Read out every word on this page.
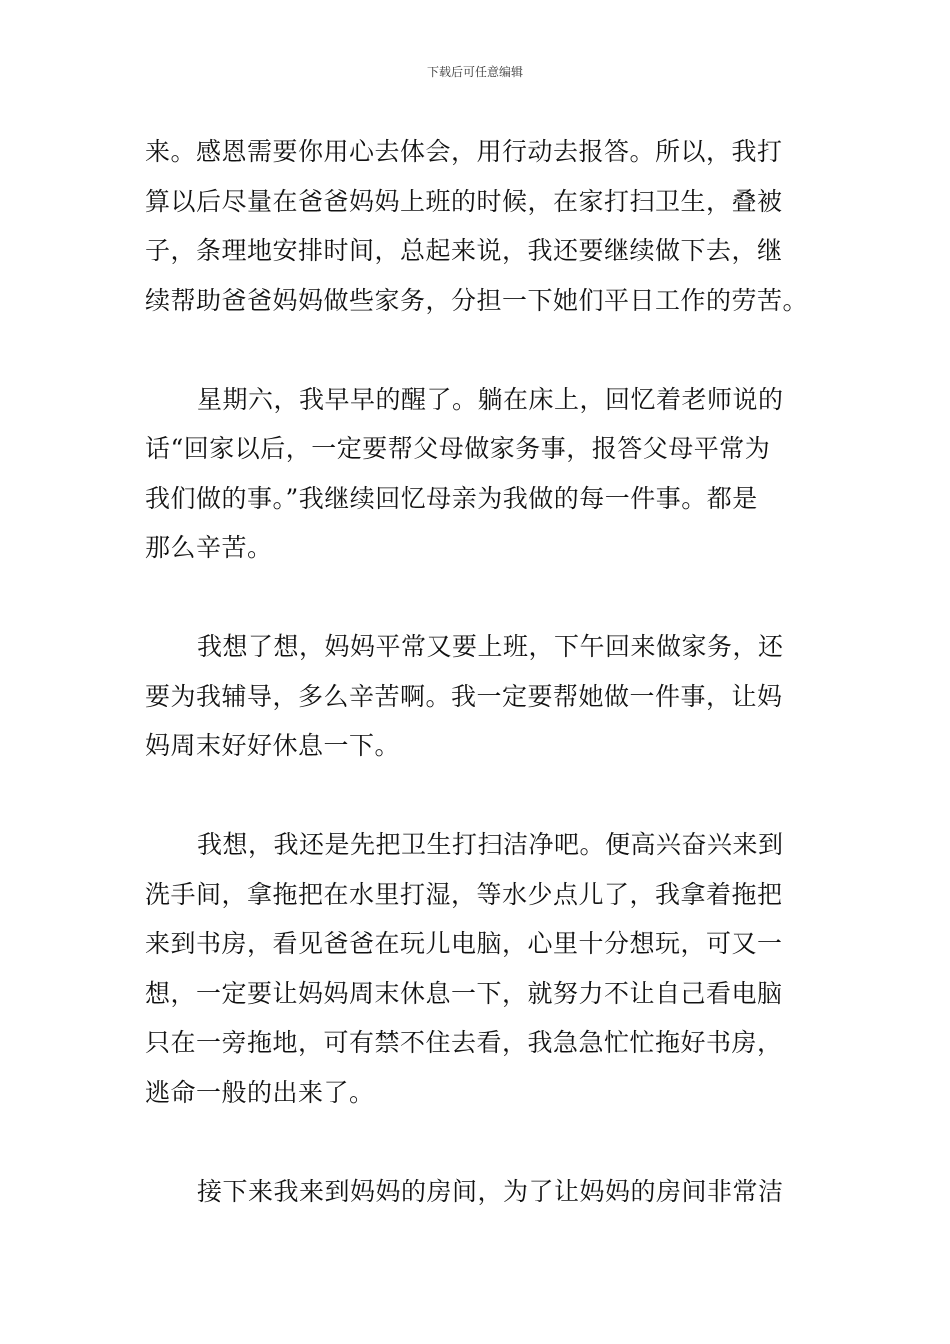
下载后可任意编辑
来。感恩需要你用心去体会，用行动去报答。所以，我打
算以后尽量在爸爸妈妈上班的时候，在家打扫卫生，叠被
子，条理地安排时间，总起来说，我还要继续做下去，继
续帮助爸爸妈妈做些家务，分担一下她们平日工作的劳苦。
星期六，我早早的醒了。躺在床上，回忆着老师说的
话“回家以后，一定要帮父母做家务事，报答父母平常为
我们做的事。”我继续回忆母亲为我做的每一件事。都是
那么辛苦。
我想了想，妈妈平常又要上班，下午回来做家务，还
要为我辅导，多么辛苦啊。我一定要帮她做一件事，让妈
妈周末好好休息一下。
我想，我还是先把卫生打扫洁净吧。便高兴奋兴来到
洗手间，拿拖把在水里打湿，等水少点儿了，我拿着拖把
来到书房，看见爸爸在玩儿电脑，心里十分想玩，可又一
想，一定要让妈妈周末休息一下，就努力不让自己看电脑
只在一旁拖地，可有禁不住去看，我急急忙忙拖好书房，
逃命一般的出来了。
接下来我来到妈妈的房间，为了让妈妈的房间非常洁
